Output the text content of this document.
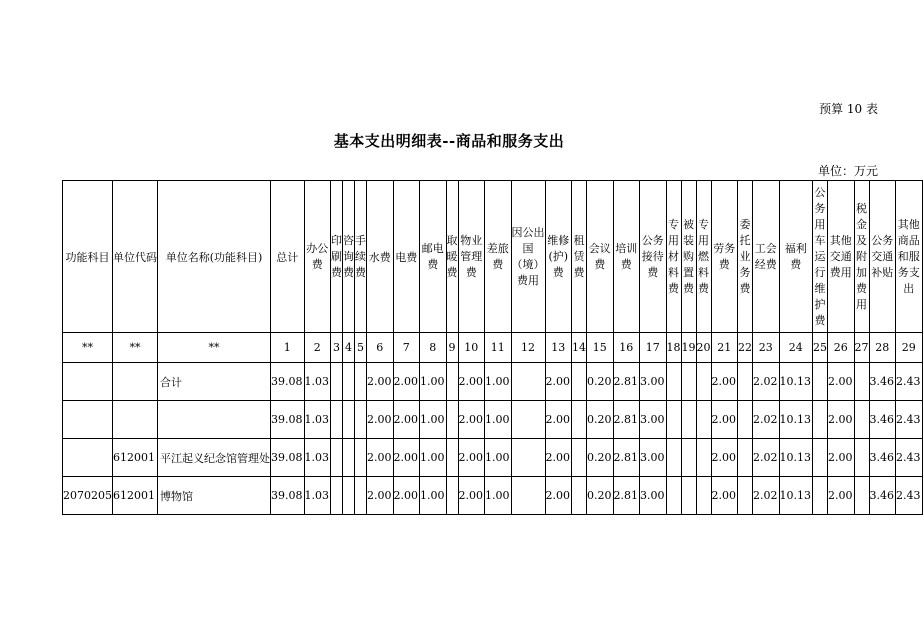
预算 10 表
基本支出明细表--商品和服务支出
单位：万元
功能科目	单位代码	单位名称(功能科目)	总计	办公费	印刷费	咨询费	手续费	水费	电费	邮电费	取暖费	物业管理费	差旅费	因公出国（境）费用	维修(护)费	租赁费	会议费	培训费	公务接待费	专用材料费	被装购置费	专用燃料费	劳务费	委托业务费	工会经费	福利费	公务用车运行维护费	其他交通费用	税金及附加费用	公务交通补贴	其他商品和服务支出
**	**	**	1	2	3	4	5	6	7	8	9	10	11	12	13	14	15	16	17	18	19	20	21	22	23	24	25	26	27	28	29
		合计	39.08	1.03				2.00	2.00	1.00		2.00	1.00		2.00		0.20	2.81	3.00				2.00		2.02	10.13		2.00		3.46	2.43
			39.08	1.03				2.00	2.00	1.00		2.00	1.00		2.00		0.20	2.81	3.00				2.00		2.02	10.13		2.00		3.46	2.43
	612001	平江起义纪念馆管理处	39.08	1.03				2.00	2.00	1.00		2.00	1.00		2.00		0.20	2.81	3.00				2.00		2.02	10.13		2.00		3.46	2.43
2070205	612001	博物馆	39.08	1.03				2.00	2.00	1.00		2.00	1.00		2.00		0.20	2.81	3.00				2.00		2.02	10.13		2.00		3.46	2.43
